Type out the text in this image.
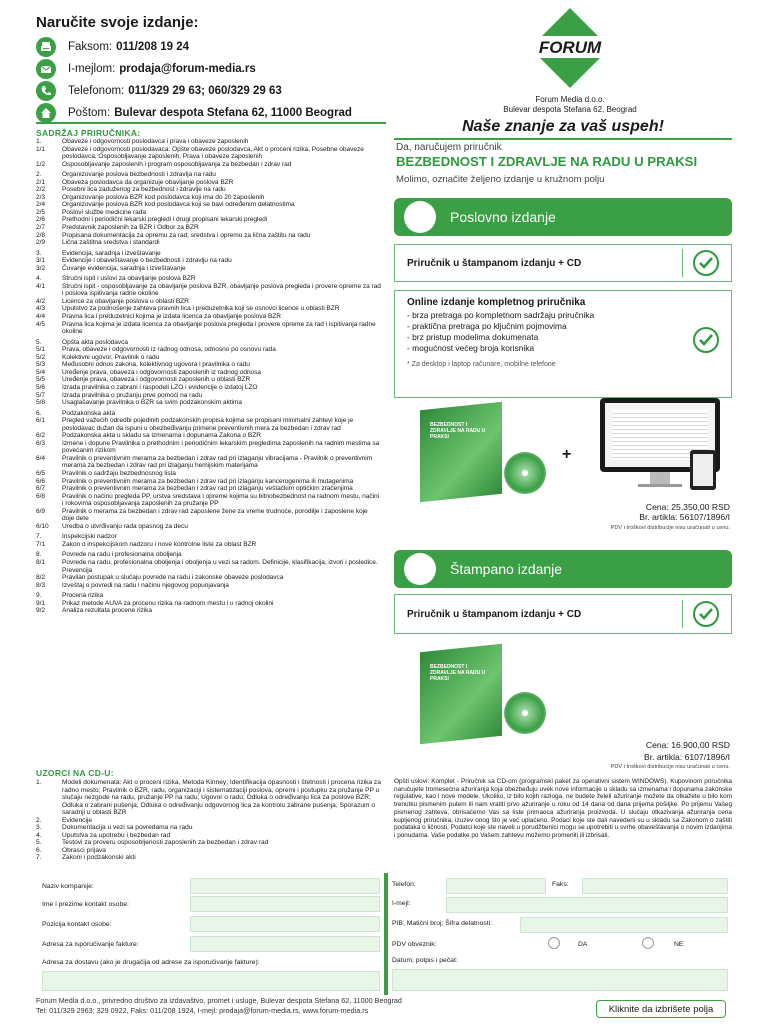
Naručite svoje izdanje:
Faksom: 011/208 19 24
I-mejlom: prodaja@forum-media.rs
Telefonom: 011/329 29 63; 060/329 29 63
Poštom: Bulevar despota Stefana 62, 11000 Beograd
FORUM
Forum Media d.o.o.
Bulevar despota Stefana 62, Beograd
Naše znanje za vaš uspeh!
SADRŽAJ PRIRUČNIKA:
1.	Obaveze i odgovornosti poslodavca i prava i obaveze zaposlenih
1/1	Obaveze i odgovornosti poslodavaca: Opšte obaveze poslodavca, Akt o proceni rizika, Posebne obaveze poslodavca, Osposobljavanje zaposlenih, Prava i obaveze zaposlenih
1/2	Osposobljavanje zaposlenih i program osposobljavanja za bezbedan i zdrav rad
2.	Organizovanje poslova bezbednosti i zdravlja na radu
2/1	Obaveza poslodavca da organizuje obavljanje poslova BZR
2/2	Posebni lica zaduženog za bezbednost i zdravlje na radu
2/3	Organizovanje poslova BZR kod poslodavca koji ima do 20 zaposlenih
2/4	Organizovanje poslova BZR kod poslodavca koji se bavi određenim delatnostima
2/5	Poslovi službe medicine rada
2/6	Prethodni i periodični lekarski pregledi i drugi propisani lekarski pregledi
2/7	Predstavnik zaposlenih za BZR i Odbor za BZR
2/8	Propisana dokumentacija za opremu za rad, sredstva i opremu za lična zaštitu na radu
2/9	Lična zaštitna sredstva i standardi
3.	Evidencija, saradnja i izveštavanje
3/1	Evidencije i obaveštavanje o bezbednosti i zdravlju na radu
3/2	Čuvanje evidencija, saradnja i izveštavanje
4.	Stručni ispit i uslovi za obavljanje poslova BZR
4/1	Stručni ispit - osposobljavanje za obavljanje poslova BZR, obavljanje poslova pregleda i provere opreme za rad i poslova ispitivanja radne okoline
4/2	Licence za obavljanje poslova u oblasti BZR
4/3	Uputstvo za podnošenje zahteva pravnih lica i preduzetnika koji se osnovci licence u oblasti BZR
4/4	Pravna lica i preduzetnici kojima je izdata licenca za obavljanje poslova BZR
4/5	Pravna lica kojima je izdata licenca za obavljanje poslova pregleda i provere opreme za rad i ispitivanja radne okoline
5.	Opšta akta poslodavca
5/1	Prava, obaveze i odgovornosti iz radnog odnosa, odnosno po osnovu rada
5/2	Kolektivni ugovor, Pravilnik o radu
5/3	Međusobni odnos zakona, kolektivnog ugovora i pravilnika o radu
5/4	Uređenje prava, obaveza i odgovornosti zaposlenih iz radnog odnosa
5/5	Uređenje prava, obaveza i odgovornosti zaposlenih u oblasti BZR
5/6	Izrada pravilnika o zabrani i raspodeli LZO i evidencije o izdatoj LZO
5/7	Izrada pravilnika o pružanju prve pomoći na radu
5/8	Usaglašavanje pravilnika o BZR sa svim podzakonskim aktima
6.	Podzakonska akta
6/1	Pregled važećih odredbi pojedinih podzakonskih propisa kojima se propisani minimalni zahtevi koje je poslodavac dužan da ispuni u obezbeđivanju primene preventivnih mera za bezbedan i zdrav rad
6/2	Podzakonska akta u skladu sa izmenama i dopunama Zakona o BZR
6/3	Izmene i dopune Pravilnika o prethodnim i periodičnim lekarskim pregledima zaposlenih na radnim mestima sa povećanim rizikom
6/4	Pravilnik o preventivnim merama za bezbedan i zdrav rad pri izlaganju vibracijama - Pravilnik o preventivnim merama za bezbedan i zdrav rad pri izlaganju hemijskim materijama
6/5	Pravilnik o sadržaju bezbednosnog lista
6/6	Pravilnik o preventivnim merama za bezbedan i zdrav rad pri izlaganju kancerogenima ili mutagenima
6/7	Pravilnik o preventivnim merama za bezbedan i zdrav rad pri izlaganju veštačkim optičkim zračenjima
6/8	Pravilnik o načinu pregleda PP, urstva sredstava i opreme kojima su bitnobezbednost na radnom mestu, načini i rokovima osposobljavanja zaposlenih za pružanje PP
6/9	Pravilnik o merama za bezbedan i zdrav rad zaposlene žene za vreme trudnoće, porodilje i zaposlene koje doje dete
6/10	Uredba o utvrđivanju rada opasnog za decu
7.	Inspekcijski nadzor
7/1	Zakon o inspekcijskom nadzoru i nove kontrolne liste za oblast BZR
8.	Povrede na radu i profesionalna oboljenja
8/1	Povrede na radu, profesionalna oboljenja i oboljenja u vezi sa radom. Definicije, klasifikacija, izvori i posledice. Prevencija
8/2	Pravilan postupak u slučaju povrede na radu i zakonske obaveze poslodavca
8/3	Izveštaj o povredi na radu i načinu njegovog popunjavanja
9.	Procena rizika
9/1	Prikaz metode AUVA za procenu rizika na radnom mestu i u radnoj okolini
9/2	Analiza rezultata procene rizika
UZORCI NA CD-U:
1.	Modeli dokumenata: Akt o proceni rizika, Metoda Kinney; Identifikacija opasnosti i štetnosti i procena rizika za radno mesto; Pravilnik o BZR, radu, organizaciji i sistematizaciji poslova, opremi i postupku za pružanje PP u slučaju nezgode na radu, pružanje PP na radu; Ugovor o radu; Odluka o određivanju lica za poslove BZR; Odluka o zabrani pušenja; Odluka o određivanju odgovornog lica za kontrolu zabrane pušenja; Sporazum o saradnji u oblasti BZR
2.	Evidencije
3.	Dokumentacija u vezi sa povredama na radu
4.	Uputstva za upotrebu i bezbedan rad
5.	Testovi za proveru osposobljenosti zaposlenih za bezbedan i zdrav rad
6.	Obrasci prijava
7.	Zakoni i podzakonski akti
Da, naručujem priručnik
BEZBEDNOST I ZDRAVLJE NA RADU U PRAKSI
Molimo, označite željeno izdanje u kružnom polju
Poslovno izdanje
Priručnik u štampanom izdanju + CD
Online izdanje kompletnog priručnika
- brza pretraga po kompletnom sadržaju priručnika
- praktična pretraga po ključnim pojmovima
- brz pristup modelima dokumenata
- mogućnost većeg broja korisnika
* Za desktop i laptop računare, mobilne telefone
BEZBEDNOST I ZDRAVLJE NA RADU U PRAKSI
+
Cena: 25.350,00 RSD
Br. artikla: 56107/1896/I
PDV i troškovi distribucije nisu uračunati u cenu.
Štampano izdanje
Priručnik u štampanom izdanju + CD
BEZBEDNOST I ZDRAVLJE NA RADU U PRAKSI
Cena: 16.900,00 RSD
Br. artikla: 6107/1896/I
PDV i troškovi distribucije nisu uračunati u cenu.
Opšti uslovi: Komplet - Priručnik sa CD-om (programski paket za operativni sistem WINDOWS). Kupovinom priručnika naručujete tromesečna ažuriranja koja obezbeđuju uvek nove informacije u skladu sa izmenama i dopunama zakonske regulative, kao i nove modele. Ukoliko, iz bilo kojih razloga, ne budete želeli ažuriranje možete da otkažete u bilo kom trenutku pismenim putem ili nam vratiti prvo ažuriranje u roku od 14 dana od dana prijema pošiljke. Po prijemu Vašeg pismenog zahteva, obrisaćemo Vas sa liste primaoca ažuriranja proizvoda. U slučaju otkazivanja ažuriranja cena kupljenog priručnika, izuzev onog što je već uplaćeno. Podaci koje ste dali navedeni su u skladu sa Zakonom o zaštiti podataka o ličnosti. Podatci koje ste naveli u porudžbenici mogu se upotrebiti u svrhe obaveštavanja o novim izdanjima i ponudama. Vaše podatke po Vašem zahtevu možemo promeniti ili izbrisati.
Naziv kompanije:
Ime i prezime kontakt osobe:
Pozicija kontakt osobe:
Adresa za isporučivanje fakture:
Adresa za dostavu (ako je drugačija od adrese za isporučivanje fakture):
Telefon:	Faks:
I-mejl:
PIB; Matični broj; Šifra delatnosti:
PDV obveznik:	DA	NE
Datum, potpis i pečat:
Forum Media d.o.o., privredno društvo za izdavaštvo, promet i usluge, Bulevar despota Stefana 62, 11000 Beograd
Tel: 011/329 2963; 329 0922, Faks: 011/208 1924, I-mejl: prodaja@forum-media.rs, www.forum-media.rs	Kliknite da izbrišete polja
